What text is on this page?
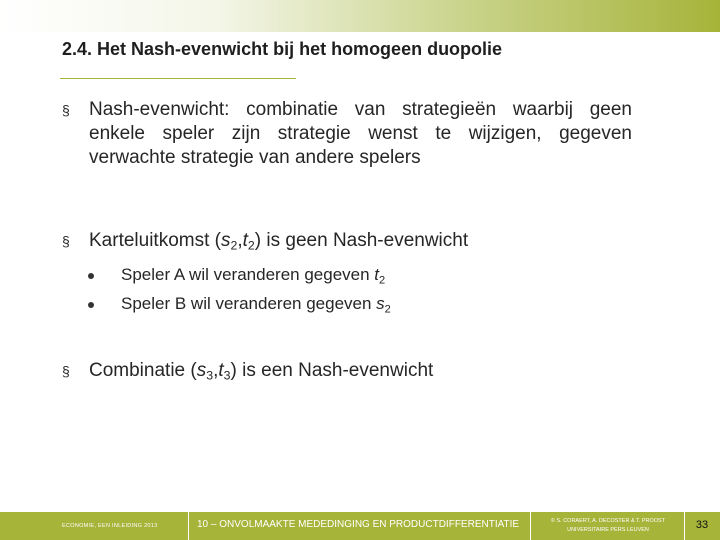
2.4. Het Nash-evenwicht bij het homogeen duopolie
§	Nash-evenwicht: combinatie van strategieën waarbij geen enkele speler zijn strategie wenst te wijzigen, gegeven verwachte strategie van andere spelers
§	Karteluitkomst $(s_2,t_2)$ is geen Nash-evenwicht
Speler A wil veranderen gegeven $t_2$
Speler B wil veranderen gegeven $s_2$
§	Combinatie $(s_3,t_3)$ is een Nash-evenwicht
ECONOMIE, EEN INLEIDING 2013	10 – ONVOLMAAKTE MEDEDINGING EN PRODUCTDIFFERENTIATIE	© S. CORAERT, A. DECOSTER & T. PROOST
UNIVERSITAIRE PERS LEUVEN	33
